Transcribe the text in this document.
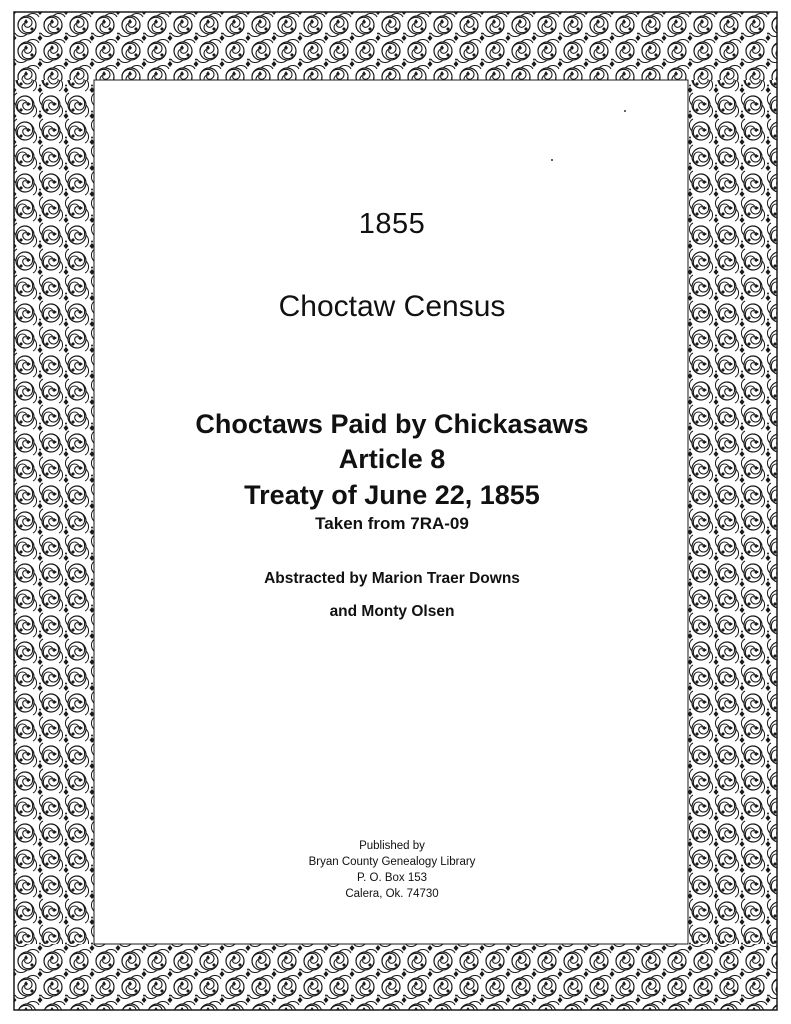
1855
Choctaw Census
Choctaws Paid by Chickasaws
Article 8
Treaty of June 22, 1855
Taken from 7RA-09
Abstracted by Marion Traer Downs
and Monty Olsen
Published by
Bryan County Genealogy Library
P. O. Box 153
Calera, Ok. 74730
